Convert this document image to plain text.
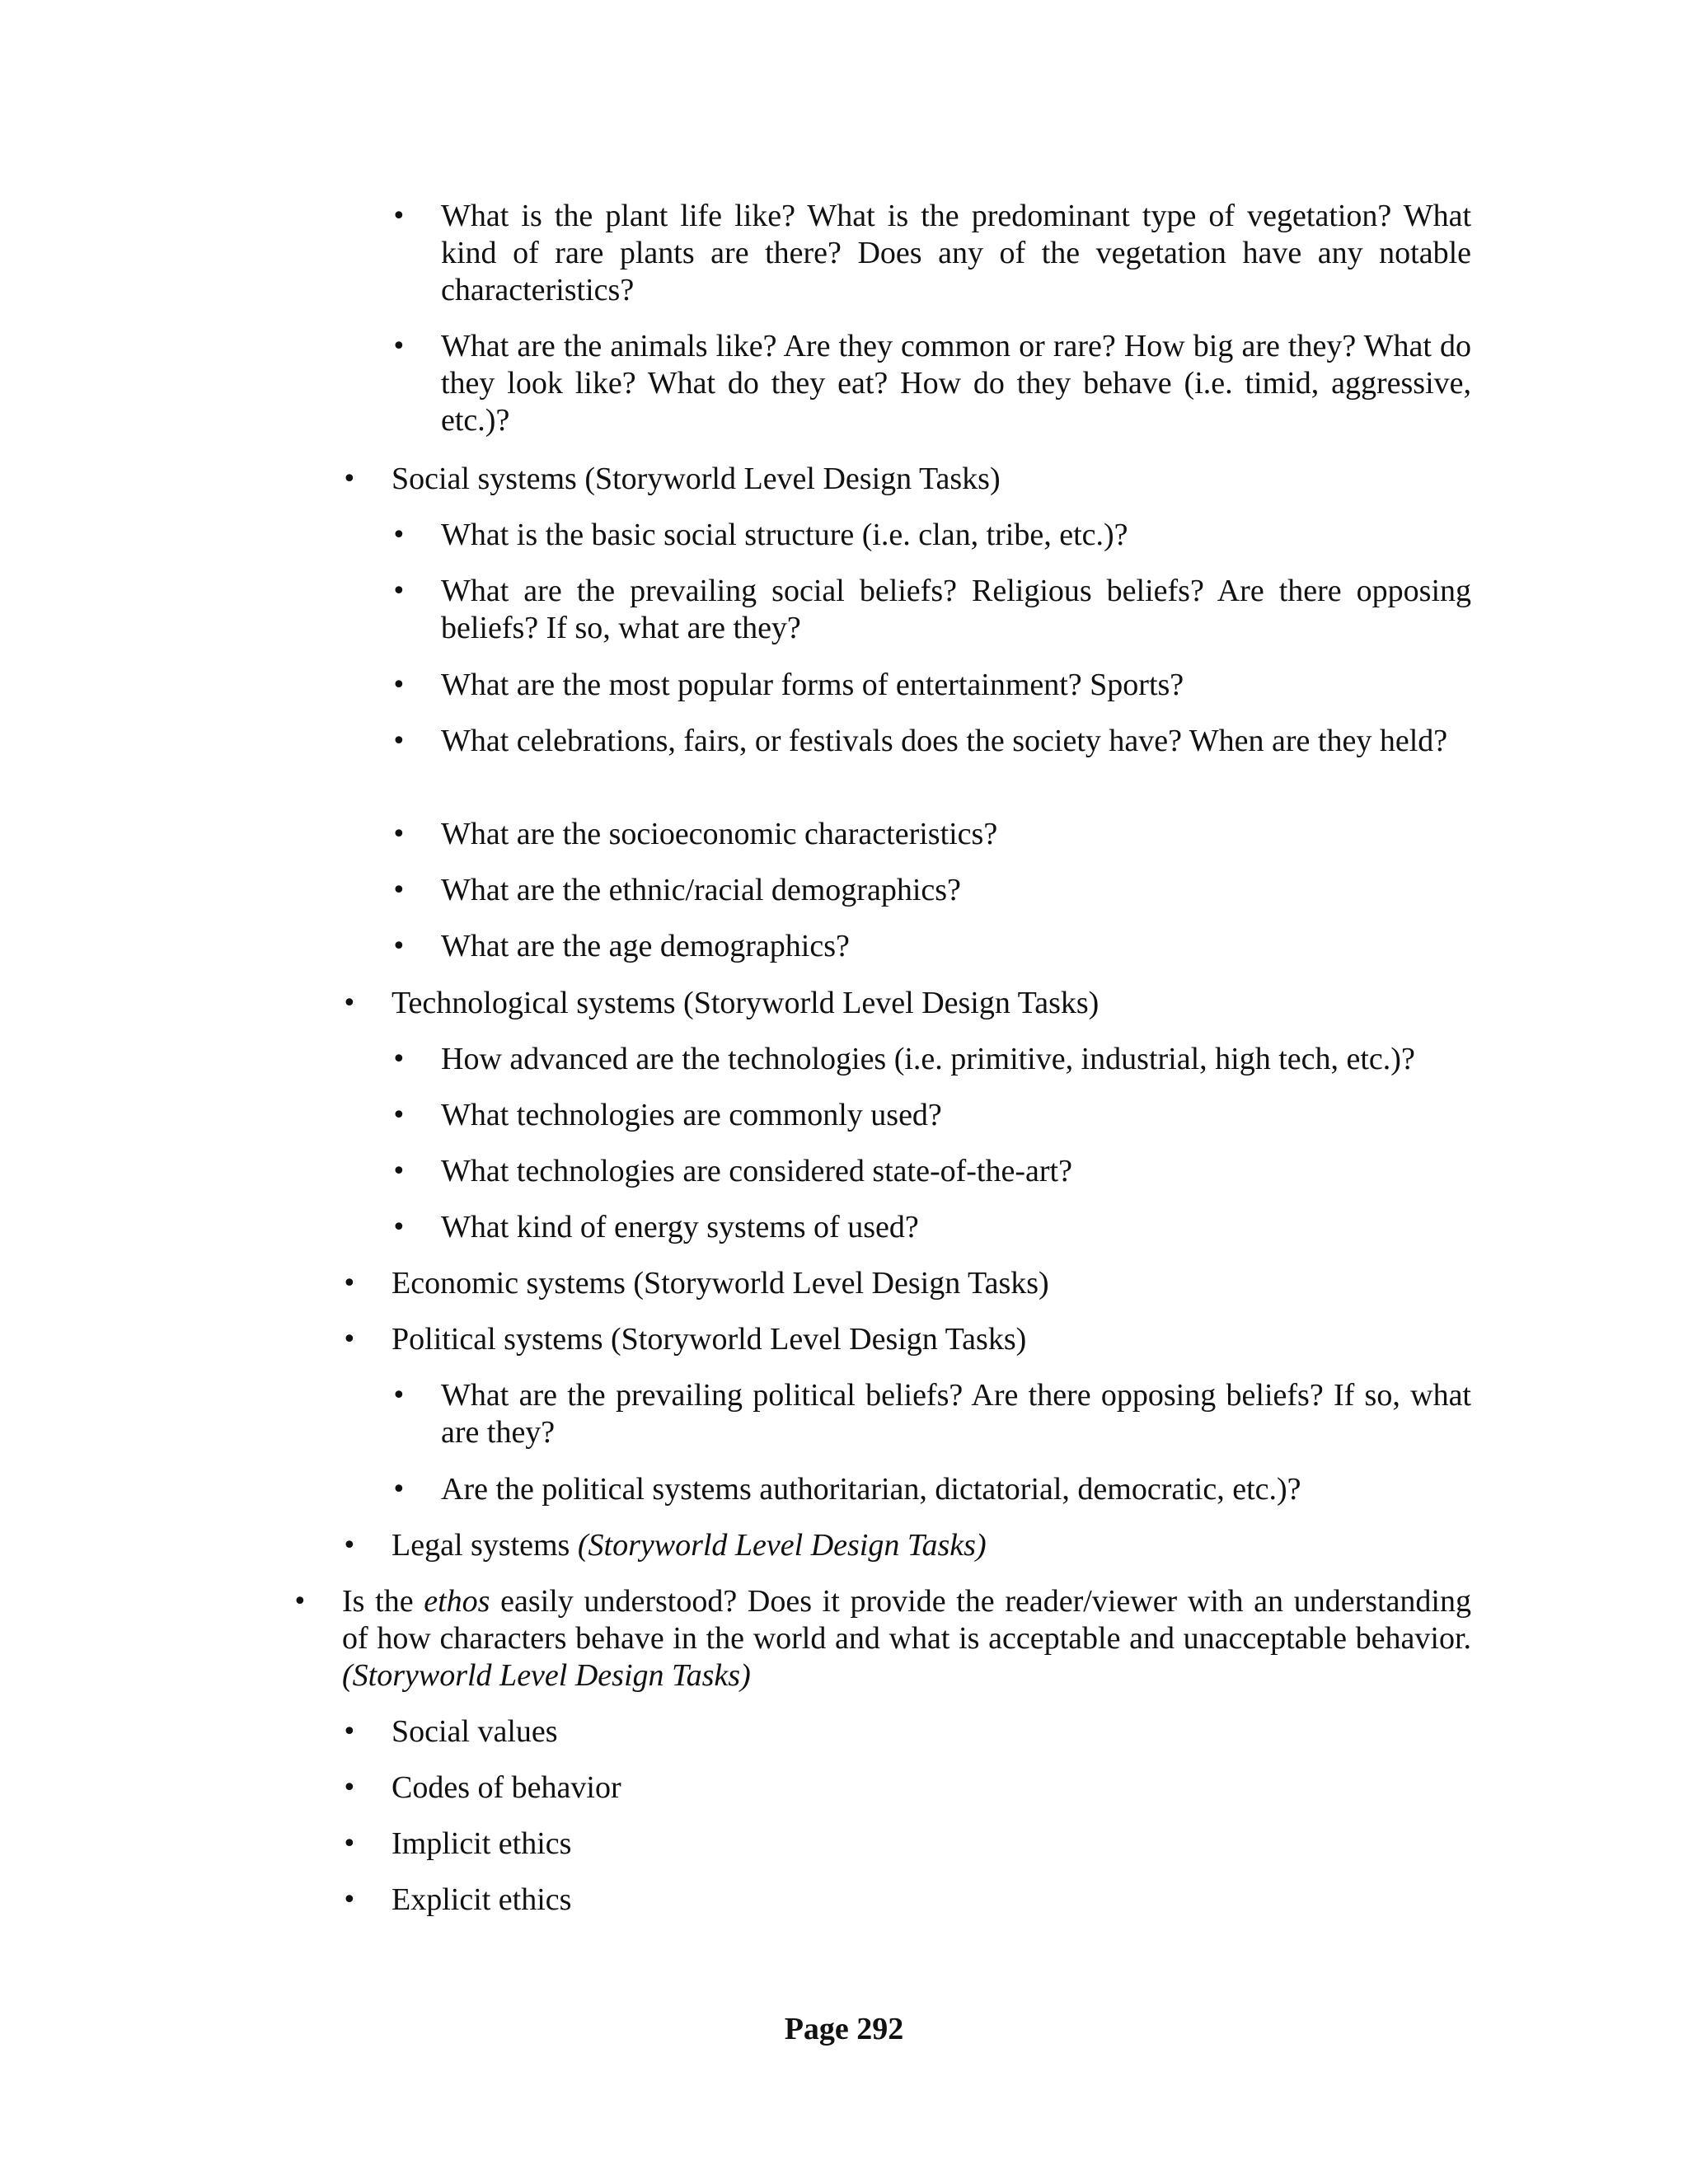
• What is the plant life like? What is the predominant type of vegetation? What kind of rare plants are there? Does any of the vegetation have any notable characteristics?
• What are the animals like? Are they common or rare? How big are they? What do they look like? What do they eat? How do they behave (i.e. timid, aggressive, etc.)?
• Social systems (Storyworld Level Design Tasks)
• What is the basic social structure (i.e. clan, tribe, etc.)?
• What are the prevailing social beliefs? Religious beliefs? Are there opposing beliefs? If so, what are they?
• What are the most popular forms of entertainment? Sports?
• What celebrations, fairs, or festivals does the society have? When are they held?
• What are the socioeconomic characteristics?
• What are the ethnic/racial demographics?
• What are the age demographics?
• Technological systems (Storyworld Level Design Tasks)
• How advanced are the technologies (i.e. primitive, industrial, high tech, etc.)?
• What technologies are commonly used?
• What technologies are considered state-of-the-art?
• What kind of energy systems of used?
• Economic systems (Storyworld Level Design Tasks)
• Political systems (Storyworld Level Design Tasks)
• What are the prevailing political beliefs? Are there opposing beliefs? If so, what are they?
• Are the political systems authoritarian, dictatorial, democratic, etc.)?
• Legal systems (Storyworld Level Design Tasks)
• Is the ethos easily understood? Does it provide the reader/viewer with an understanding of how characters behave in the world and what is acceptable and unacceptable behavior. (Storyworld Level Design Tasks)
• Social values
• Codes of behavior
• Implicit ethics
• Explicit ethics
Page 292
